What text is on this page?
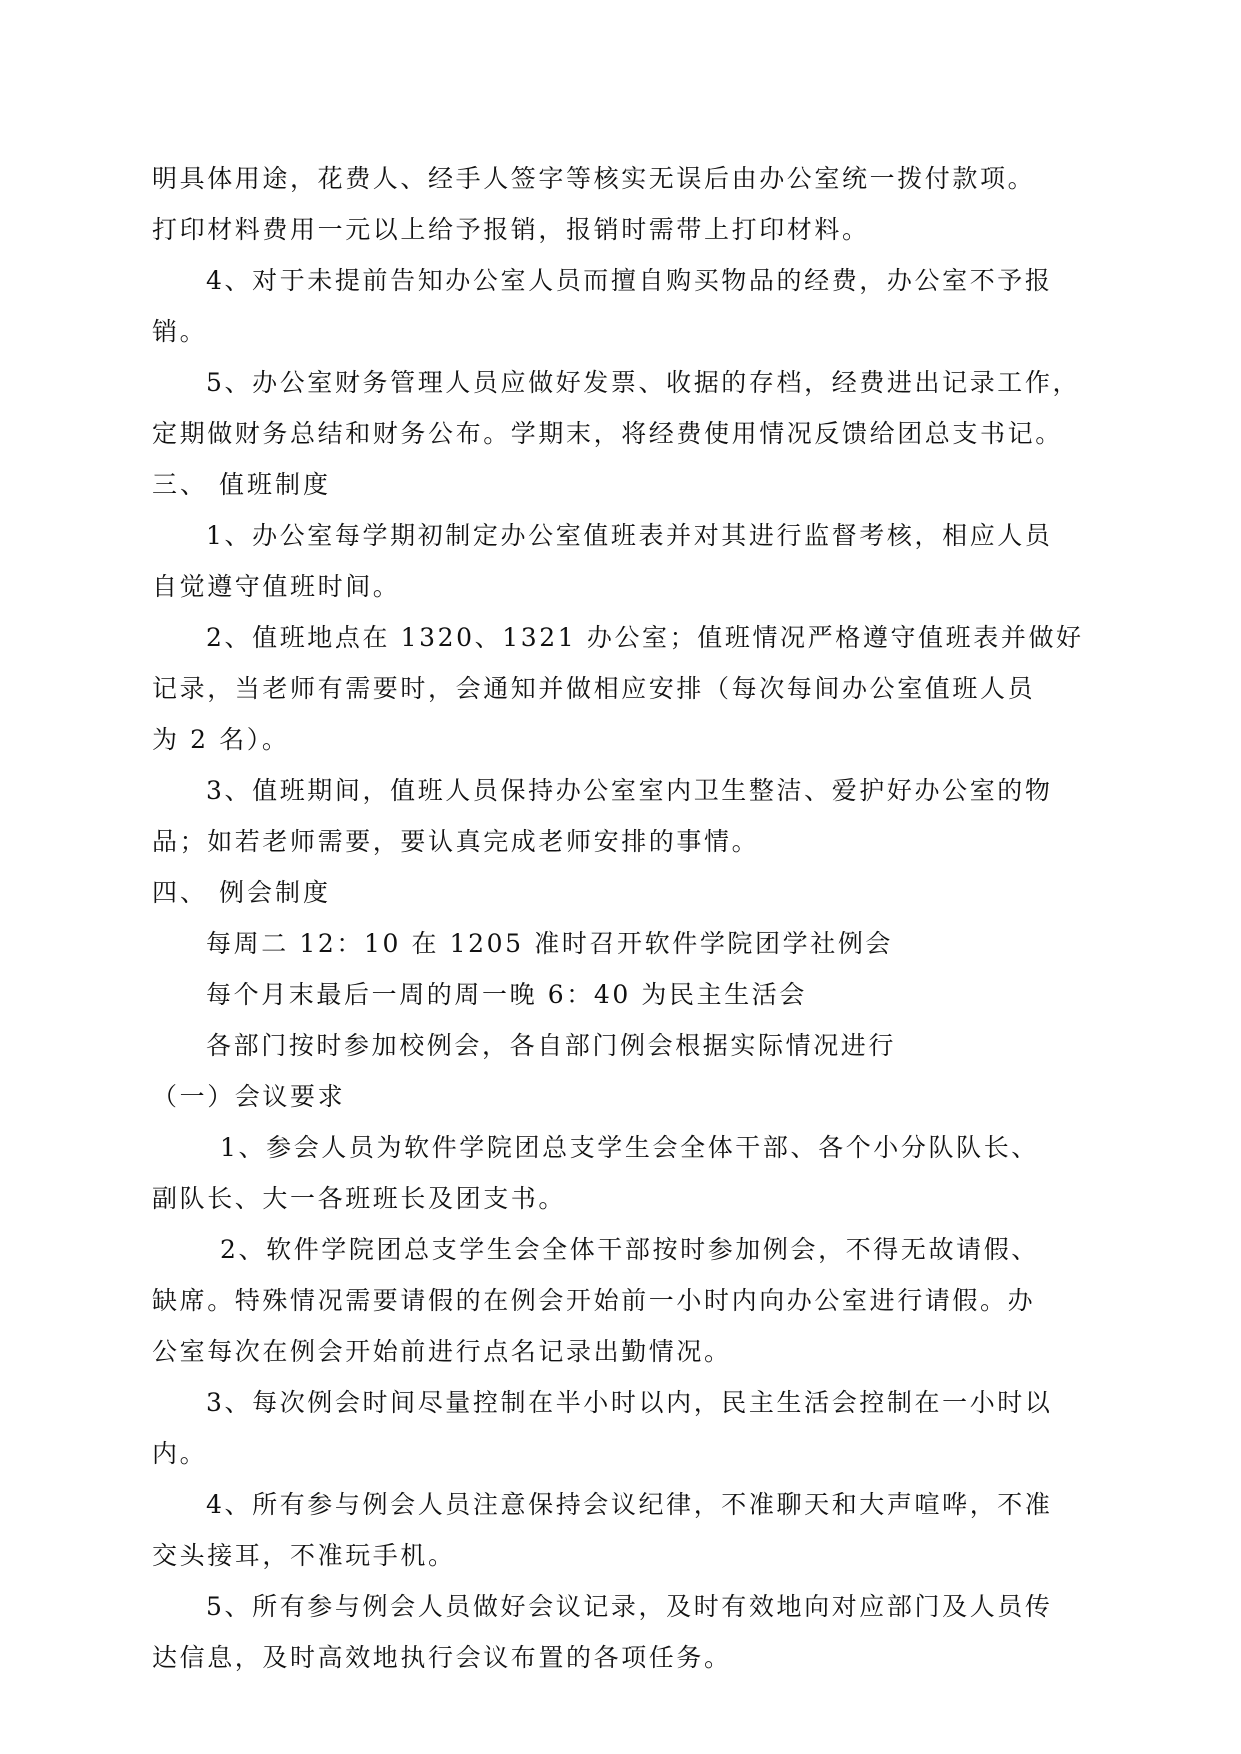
明具体用途，花费人、经手人签字等核实无误后由办公室统一拨付款项。
打印材料费用一元以上给予报销，报销时需带上打印材料。
4、对于未提前告知办公室人员而擅自购买物品的经费，办公室不予报
销。
5、办公室财务管理人员应做好发票、收据的存档，经费进出记录工作，
定期做财务总结和财务公布。学期末，将经费使用情况反馈给团总支书记。
三、 值班制度
1、办公室每学期初制定办公室值班表并对其进行监督考核，相应人员
自觉遵守值班时间。
2、值班地点在 1320、1321 办公室；值班情况严格遵守值班表并做好
记录，当老师有需要时，会通知并做相应安排（每次每间办公室值班人员
为 2 名）。
3、值班期间，值班人员保持办公室室内卫生整洁、爱护好办公室的物
品；如若老师需要，要认真完成老师安排的事情。
四、 例会制度
每周二 12：10 在 1205 准时召开软件学院团学社例会
每个月末最后一周的周一晚 6：40 为民主生活会
各部门按时参加校例会，各自部门例会根据实际情况进行
（一）会议要求
1、参会人员为软件学院团总支学生会全体干部、各个小分队队长、
副队长、大一各班班长及团支书。
2、软件学院团总支学生会全体干部按时参加例会，不得无故请假、
缺席。特殊情况需要请假的在例会开始前一小时内向办公室进行请假。办
公室每次在例会开始前进行点名记录出勤情况。
3、每次例会时间尽量控制在半小时以内，民主生活会控制在一小时以
内。
4、所有参与例会人员注意保持会议纪律，不准聊天和大声喧哗，不准
交头接耳，不准玩手机。
5、所有参与例会人员做好会议记录，及时有效地向对应部门及人员传
达信息，及时高效地执行会议布置的各项任务。
